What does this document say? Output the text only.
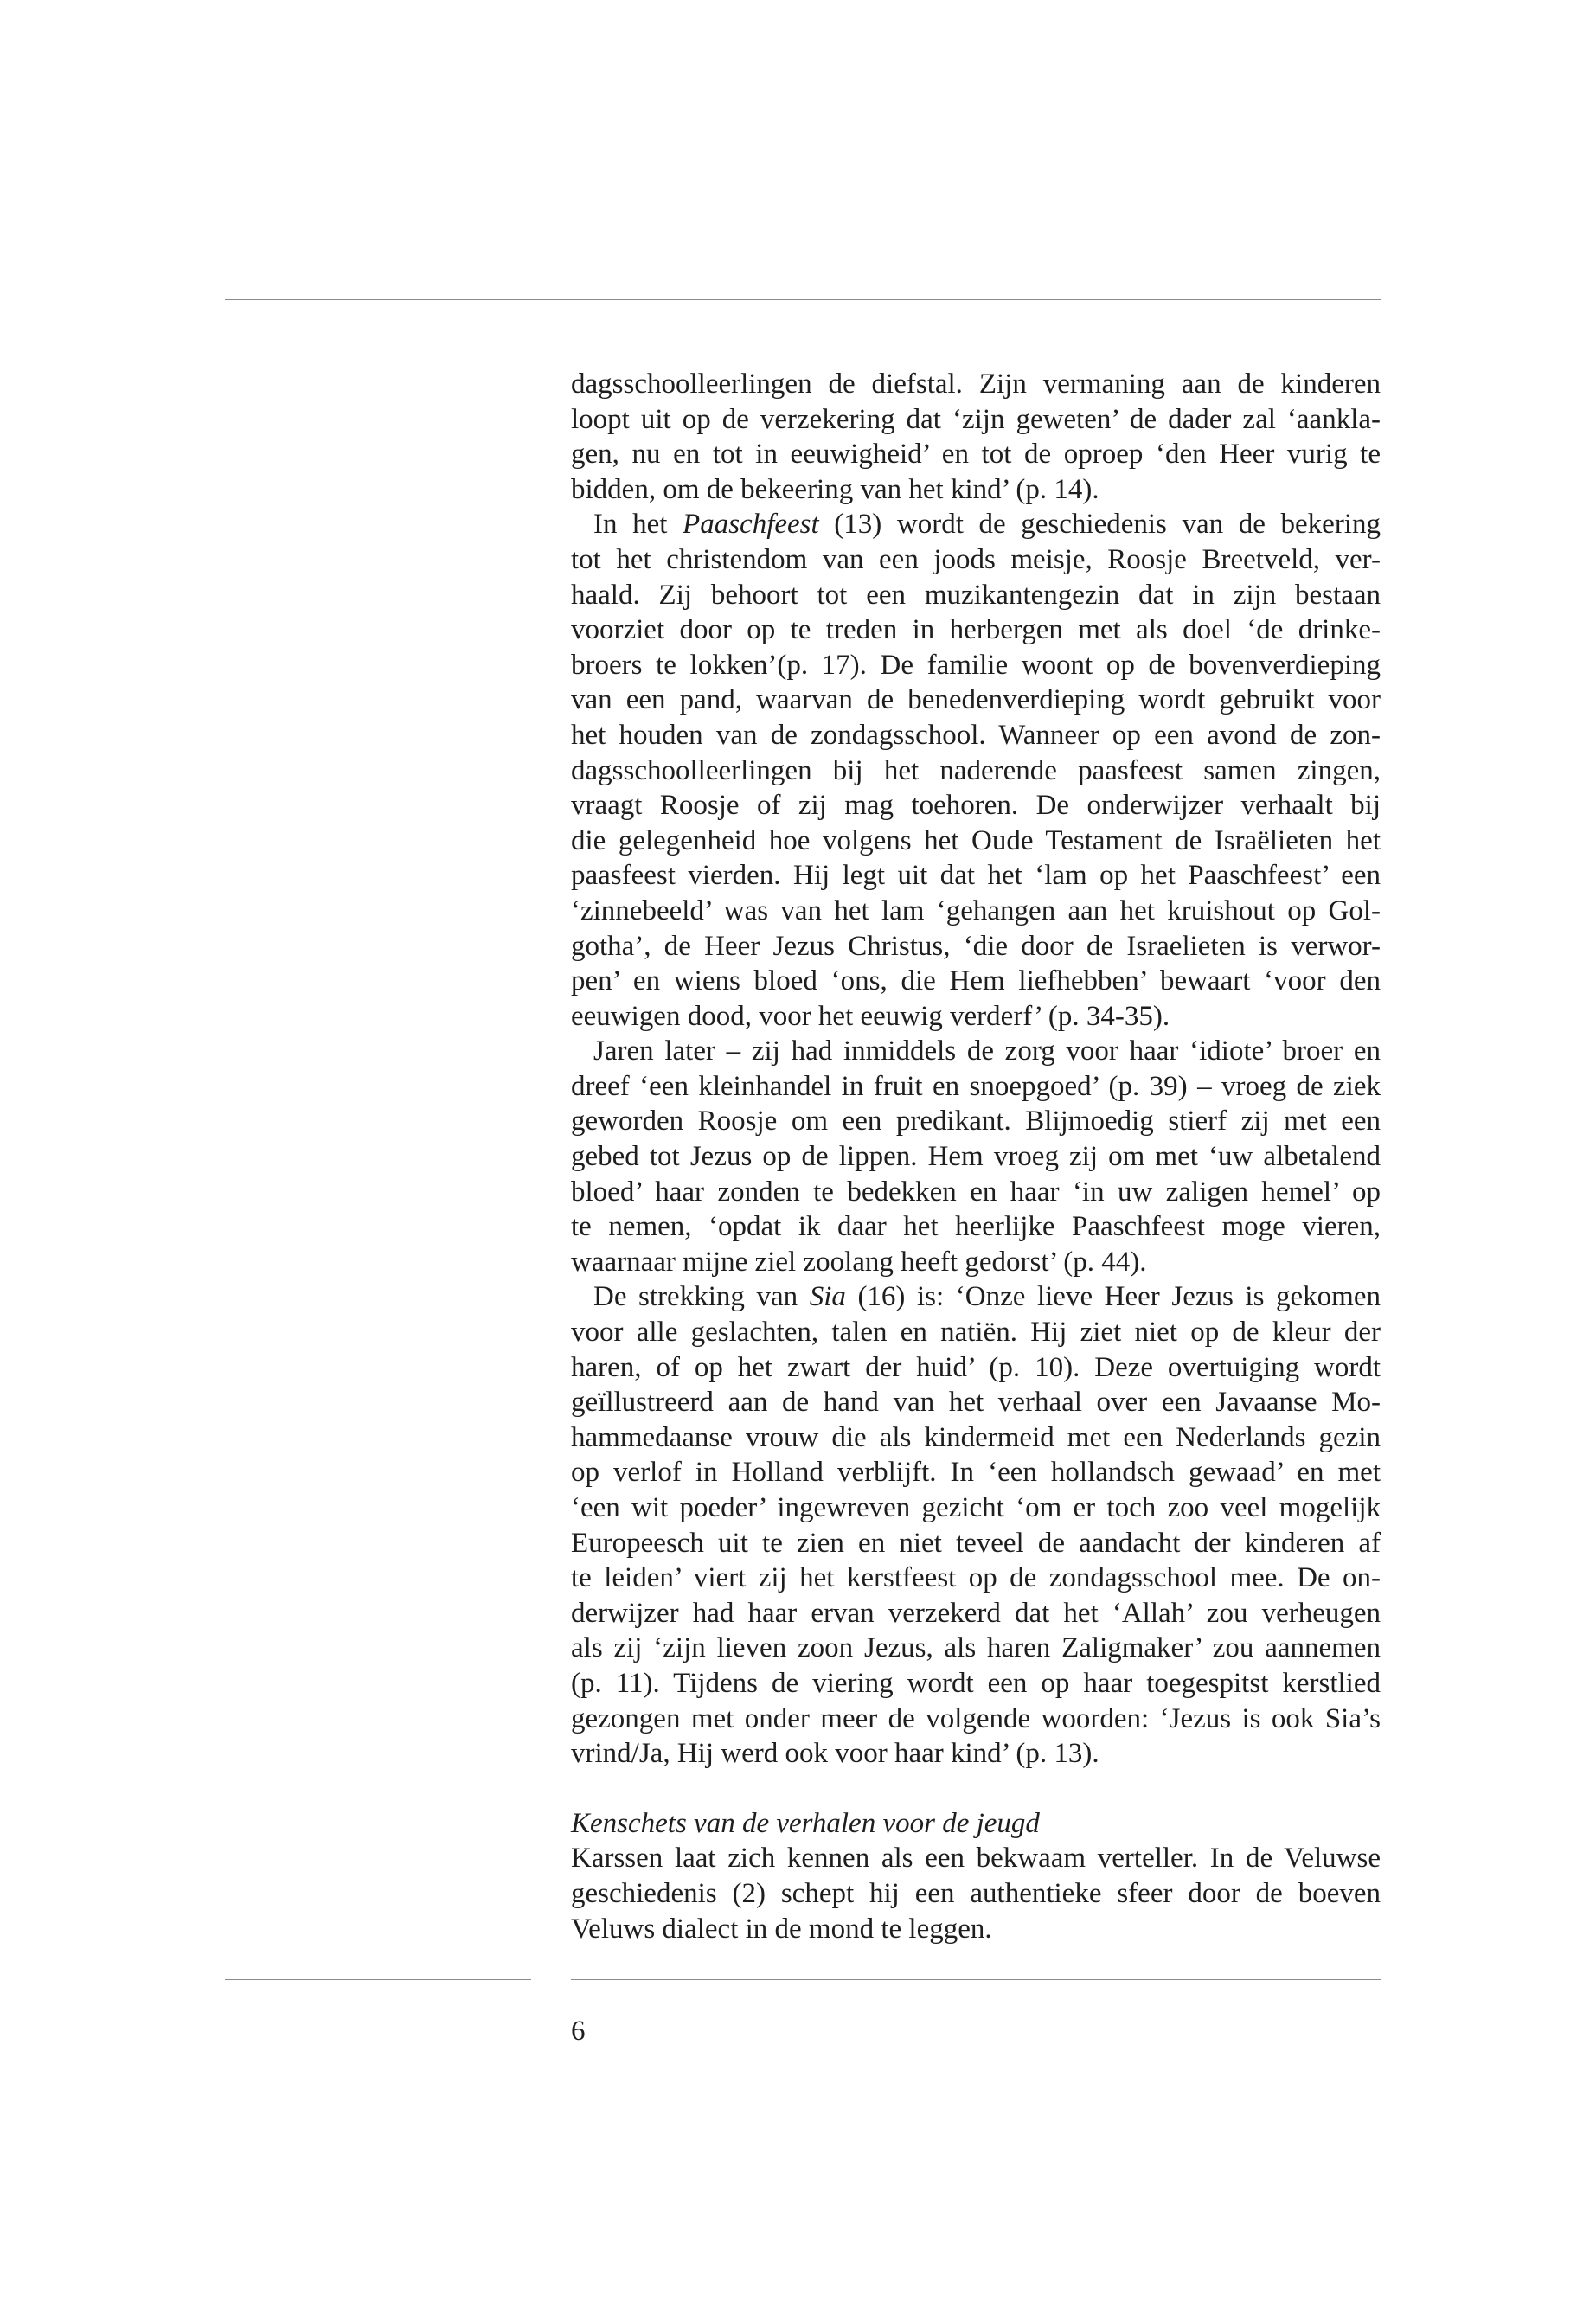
dagsschoolleerlingen de diefstal. Zijn vermaning aan de kinderen
loopt uit op de verzekering dat ‘zijn geweten’ de dader zal ‘aankla-
gen, nu en tot in eeuwigheid’ en tot de oproep ‘den Heer vurig te
bidden, om de bekeering van het kind’ (p. 14).

In het Paaschfeest (13) wordt de geschiedenis van de bekering
tot het christendom van een joods meisje, Roosje Breetveld, ver-
haald. Zij behoort tot een muzikantengezin dat in zijn bestaan
voorziet door op te treden in herbergen met als doel ‘de drinke-
broers te lokken’(p. 17). De familie woont op de bovenverdieping
van een pand, waarvan de benedenverdieping wordt gebruikt voor
het houden van de zondagsschool. Wanneer op een avond de zon-
dagsschoolleerlingen bij het naderende paasfeest samen zingen,
vraagt Roosje of zij mag toehoren. De onderwijzer verhaalt bij
die gelegenheid hoe volgens het Oude Testament de Israëlieten het
paasfeest vierden. Hij legt uit dat het ‘lam op het Paaschfeest’ een
‘zinnebeeld’ was van het lam ‘gehangen aan het kruishout op Gol-
gotha’, de Heer Jezus Christus, ‘die door de Israelieten is verwor-
pen’ en wiens bloed ‘ons, die Hem liefhebben’ bewaart ‘voor den
eeuwigen dood, voor het eeuwig verderf’ (p. 34-35).

Jaren later – zij had inmiddels de zorg voor haar ‘idiote’ broer en
dreef ‘een kleinhandel in fruit en snoepgoed’ (p. 39) – vroeg de ziek
geworden Roosje om een predikant. Blijmoedig stierf zij met een
gebed tot Jezus op de lippen. Hem vroeg zij om met ‘uw albetalend
bloed’ haar zonden te bedekken en haar ‘in uw zaligen hemel’ op
te nemen, ‘opdat ik daar het heerlijke Paaschfeest moge vieren,
waarnaar mijne ziel zoolang heeft gedorst’ (p. 44).

De strekking van Sia (16) is: ‘Onze lieve Heer Jezus is gekomen
voor alle geslachten, talen en natiën. Hij ziet niet op de kleur der
haren, of op het zwart der huid’ (p. 10). Deze overtuiging wordt
geïllustreerd aan de hand van het verhaal over een Javaanse Mo-
hammedaanse vrouw die als kindermeid met een Nederlands gezin
op verlof in Holland verblijft. In ‘een hollandsch gewaad’ en met
‘een wit poeder’ ingewreven gezicht ‘om er toch zoo veel mogelijk
Europeesch uit te zien en niet teveel de aandacht der kinderen af
te leiden’ viert zij het kerstfeest op de zondagsschool mee. De on-
derwijzer had haar ervan verzekerd dat het ‘Allah’ zou verheugen
als zij ‘zijn lieven zoon Jezus, als haren Zaligmaker’ zou aannemen
(p. 11). Tijdens de viering wordt een op haar toegespitst kerstlied
gezongen met onder meer de volgende woorden: ‘Jezus is ook Sia’s
vrind/Ja, Hij werd ook voor haar kind’ (p. 13).

Kenschets van de verhalen voor de jeugd

Karssen laat zich kennen als een bekwaam verteller. In de Veluwse
geschiedenis (2) schept hij een authentieke sfeer door de boeven
Veluws dialect in de mond te leggen.

6
